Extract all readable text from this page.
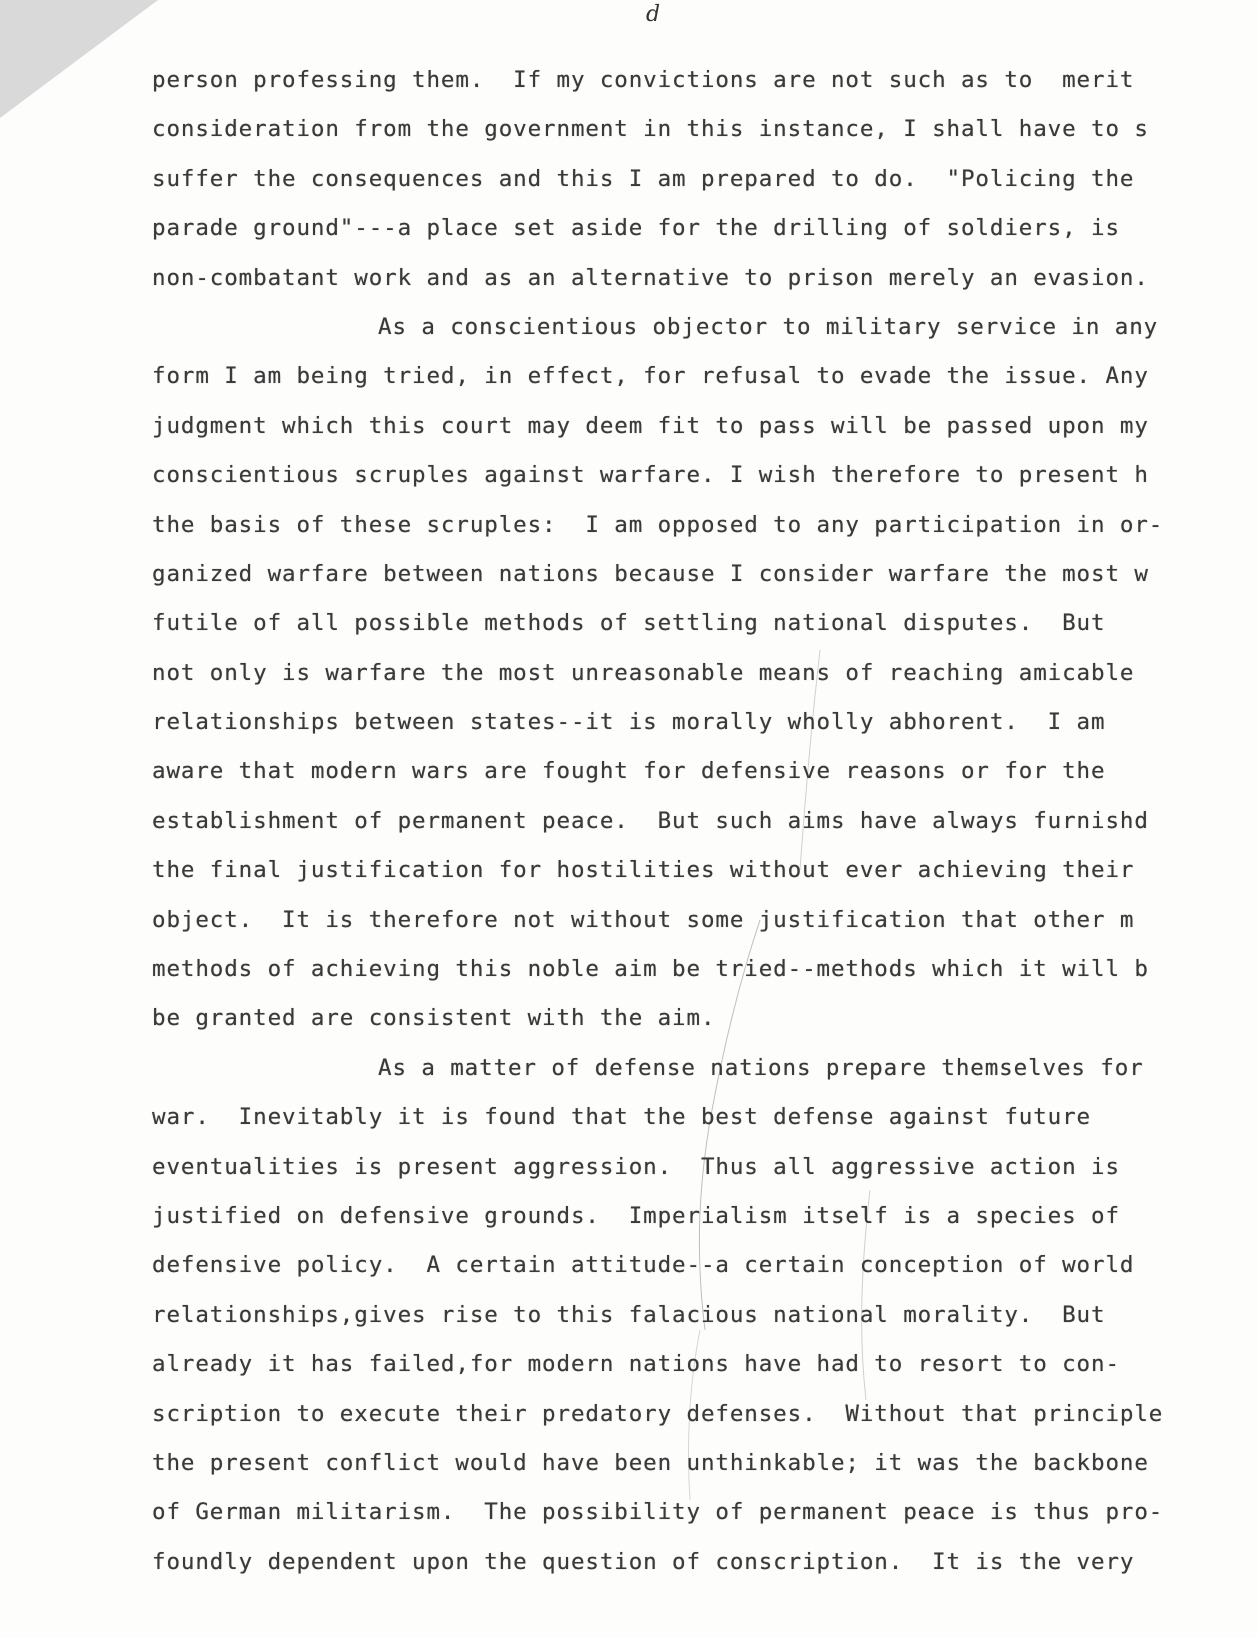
d
person professing them.  If my convictions are not such as to  merit
consideration from the government in this instance, I shall have to s
suffer the consequences and this I am prepared to do.  "Policing the
parade ground"---a place set aside for the drilling of soldiers, is
non-combatant work and as an alternative to prison merely an evasion.
As a conscientious objector to military service in any
form I am being tried, in effect, for refusal to evade the issue. Any
judgment which this court may deem fit to pass will be passed upon my
conscientious scruples against warfare. I wish therefore to present h
the basis of these scruples:  I am opposed to any participation in or-
ganized warfare between nations because I consider warfare the most w
futile of all possible methods of settling national disputes.  But
not only is warfare the most unreasonable means of reaching amicable
relationships between states--it is morally wholly abhorent.  I am
aware that modern wars are fought for defensive reasons or for the
establishment of permanent peace.  But such aims have always furnishd
the final justification for hostilities without ever achieving their
object.  It is therefore not without some justification that other m
methods of achieving this noble aim be tried--methods which it will b
be granted are consistent with the aim.
As a matter of defense nations prepare themselves for
war.  Inevitably it is found that the best defense against future
eventualities is present aggression.  Thus all aggressive action is
justified on defensive grounds.  Imperialism itself is a species of
defensive policy.  A certain attitude--a certain conception of world
relationships,gives rise to this falacious national morality.  But
already it has failed,for modern nations have had to resort to con-
scription to execute their predatory defenses.  Without that principle
the present conflict would have been unthinkable; it was the backbone
of German militarism.  The possibility of permanent peace is thus pro-
foundly dependent upon the question of conscription.  It is the very
